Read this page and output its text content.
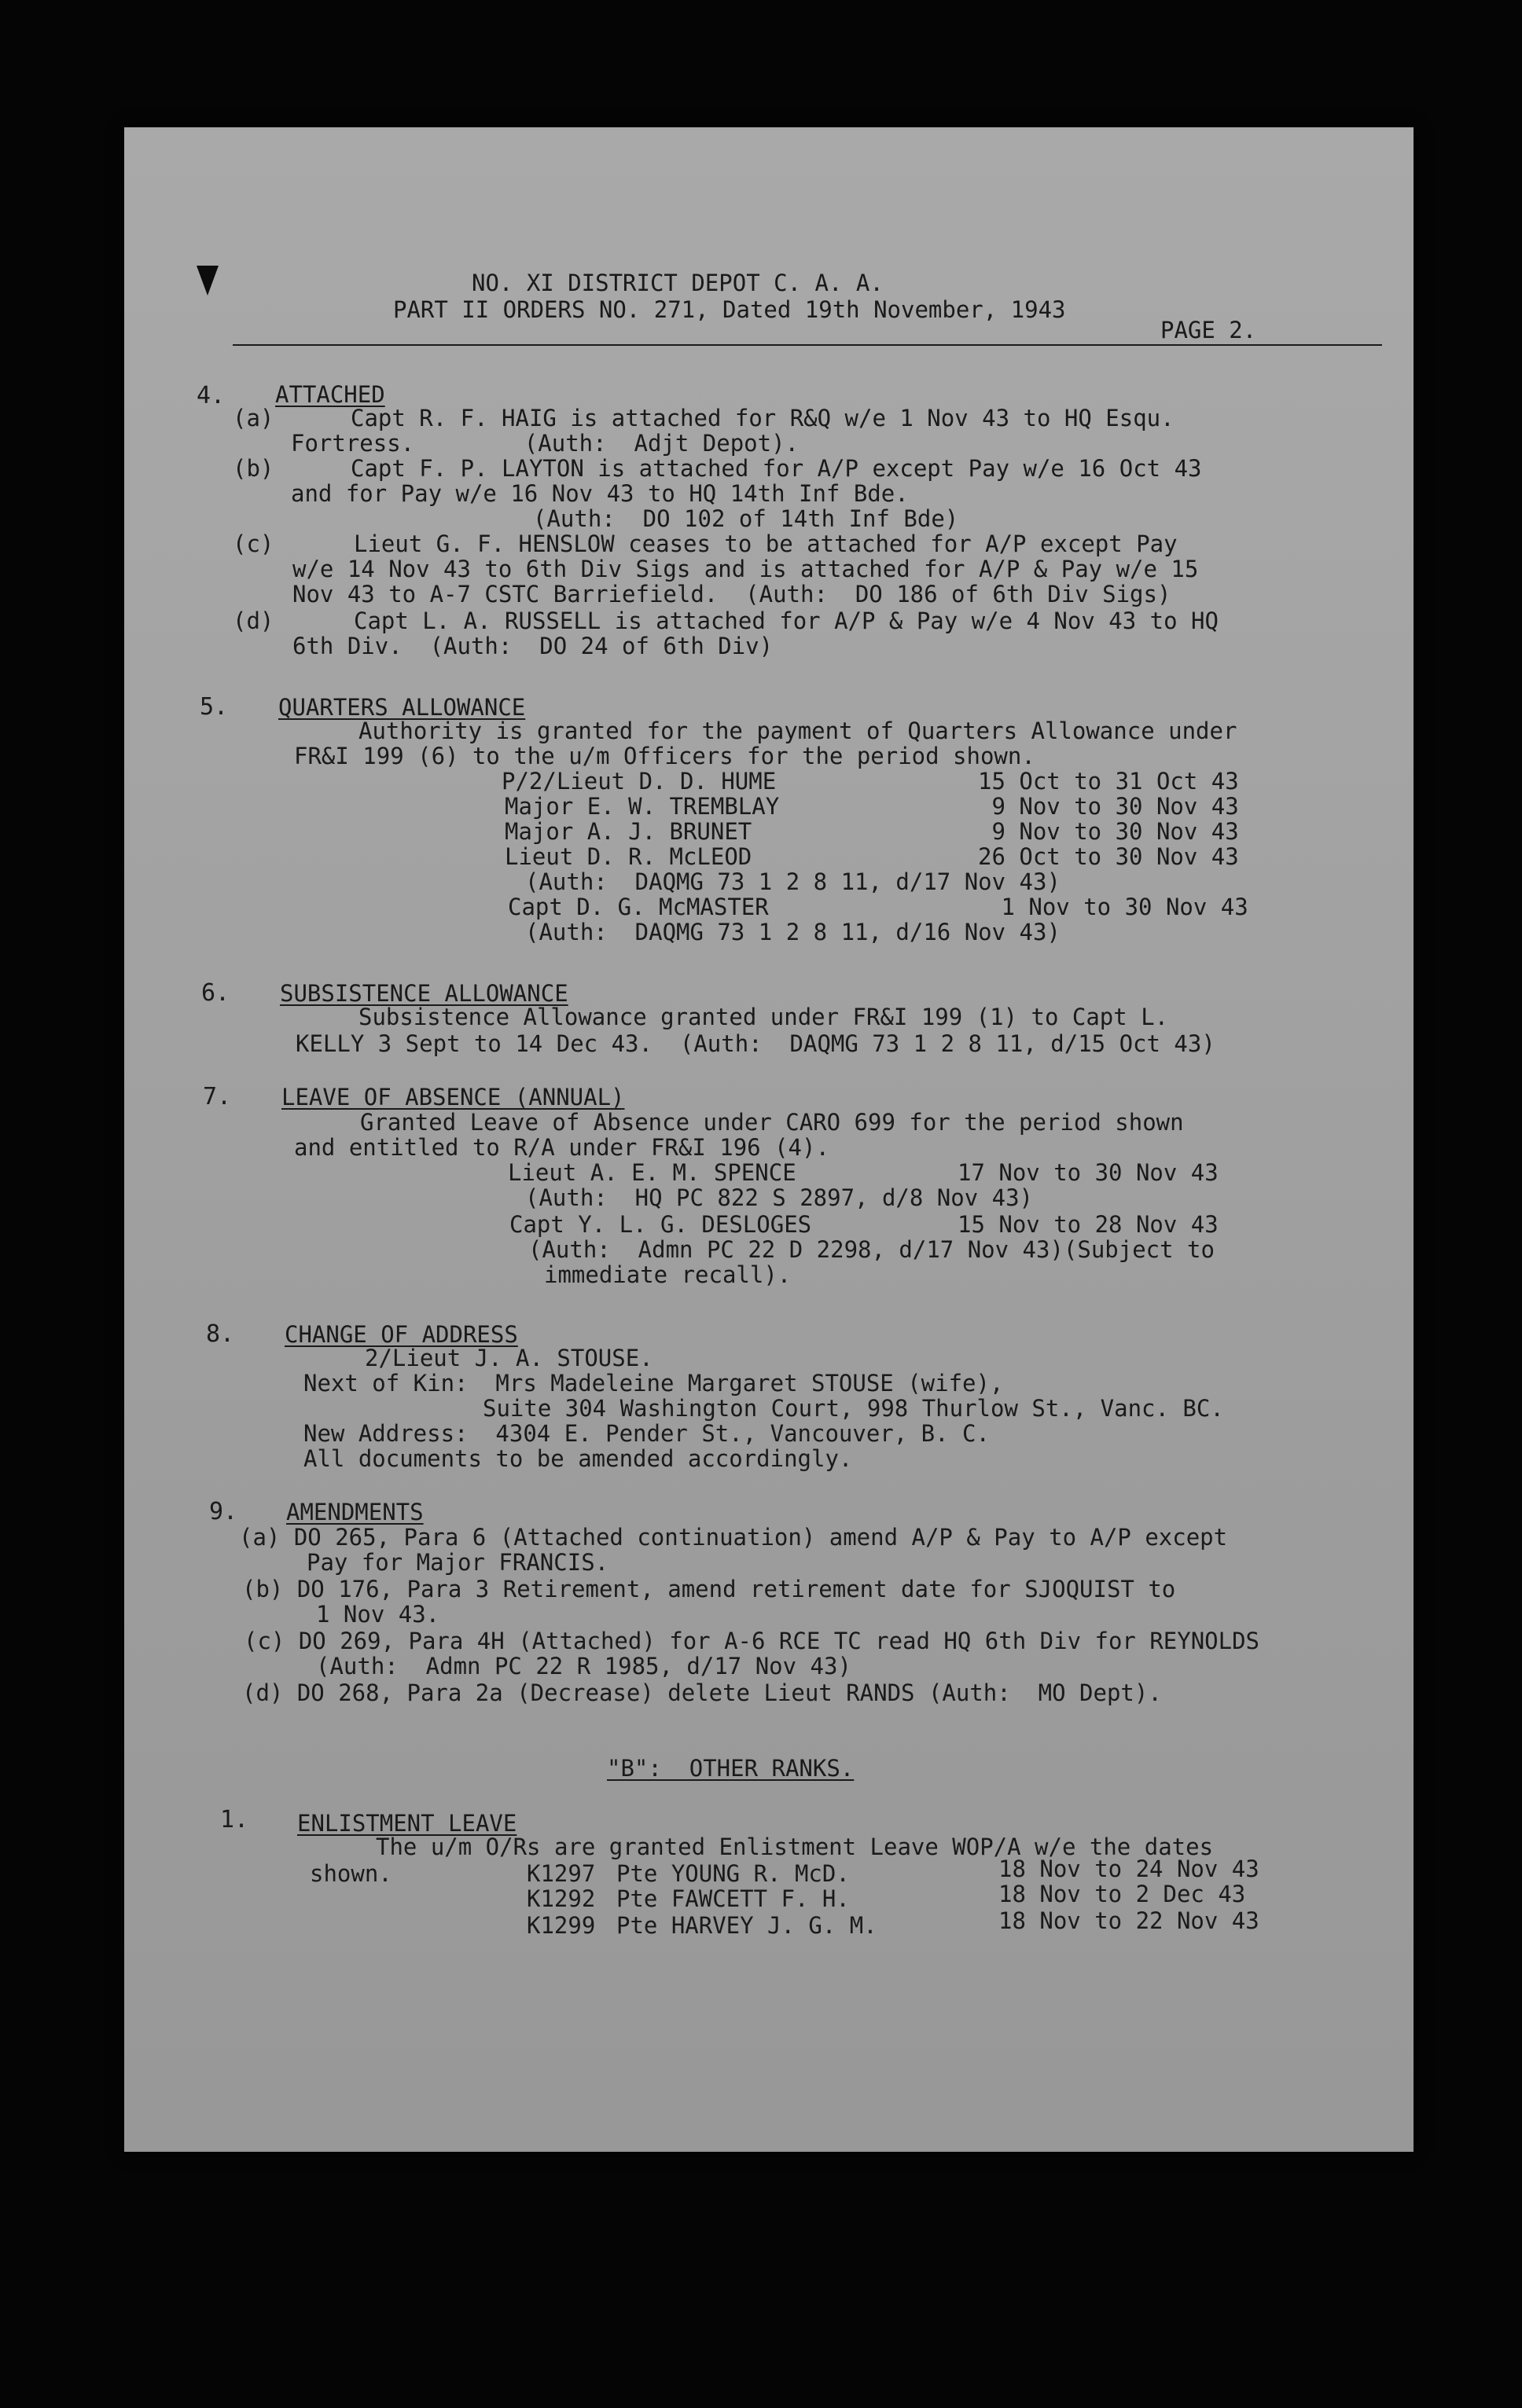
NO. XI DISTRICT DEPOT C. A. A.
PART II ORDERS NO. 271, Dated 19th November, 1943
PAGE 2.
4. ATTACHED
(a)	Capt R. F. HAIG is attached for R&Q w/e 1 Nov 43 to HQ Esqu.
Fortress.        (Auth:  Adjt Depot).
(b)	Capt F. P. LAYTON is attached for A/P except Pay w/e 16 Oct 43
and for Pay w/e 16 Nov 43 to HQ 14th Inf Bde.
(Auth:  DO 102 of 14th Inf Bde)
(c)	Lieut G. F. HENSLOW ceases to be attached for A/P except Pay
w/e 14 Nov 43 to 6th Div Sigs and is attached for A/P & Pay w/e 15
Nov 43 to A-7 CSTC Barriefield.  (Auth:  DO 186 of 6th Div Sigs)
(d)	Capt L. A. RUSSELL is attached for A/P & Pay w/e 4 Nov 43 to HQ
6th Div.  (Auth:  DO 24 of 6th Div)
5. QUARTERS ALLOWANCE
Authority is granted for the payment of Quarters Allowance under
FR&I 199 (6) to the u/m Officers for the period shown.
P/2/Lieut D. D. HUME	15 Oct to 31 Oct 43
Major E. W. TREMBLAY	9 Nov to 30 Nov 43
Major A. J. BRUNET	9 Nov to 30 Nov 43
Lieut D. R. McLEOD	26 Oct to 30 Nov 43
(Auth:  DAQMG 73 1 2 8 11, d/17 Nov 43)
Capt D. G. McMASTER	1 Nov to 30 Nov 43
(Auth:  DAQMG 73 1 2 8 11, d/16 Nov 43)
6. SUBSISTENCE ALLOWANCE
Subsistence Allowance granted under FR&I 199 (1) to Capt L.
KELLY 3 Sept to 14 Dec 43.  (Auth:  DAQMG 73 1 2 8 11, d/15 Oct 43)
7. LEAVE OF ABSENCE (ANNUAL)
Granted Leave of Absence under CARO 699 for the period shown
and entitled to R/A under FR&I 196 (4).
Lieut A. E. M. SPENCE	17 Nov to 30 Nov 43
(Auth:  HQ PC 822 S 2897, d/8 Nov 43)
Capt Y. L. G. DESLOGES	15 Nov to 28 Nov 43
(Auth:  Admn PC 22 D 2298, d/17 Nov 43)(Subject to
immediate recall).
8. CHANGE OF ADDRESS
2/Lieut J. A. STOUSE.
Next of Kin:  Mrs Madeleine Margaret STOUSE (wife),
Suite 304 Washington Court, 998 Thurlow St., Vanc. BC.
New Address:  4304 E. Pender St., Vancouver, B. C.
All documents to be amended accordingly.
9. AMENDMENTS
(a) DO 265, Para 6 (Attached continuation) amend A/P & Pay to A/P except
Pay for Major FRANCIS.
(b) DO 176, Para 3 Retirement, amend retirement date for SJOQUIST to
1 Nov 43.
(c) DO 269, Para 4H (Attached) for A-6 RCE TC read HQ 6th Div for REYNOLDS
(Auth:  Admn PC 22 R 1985, d/17 Nov 43)
(d) DO 268, Para 2a (Decrease) delete Lieut RANDS (Auth:  MO Dept).
"B":  OTHER RANKS.
1. ENLISTMENT LEAVE
The u/m O/Rs are granted Enlistment Leave WOP/A w/e the dates
shown.	K1297 Pte YOUNG R. McD.	18 Nov to 24 Nov 43
K1292 Pte FAWCETT F. H.	18 Nov to 2 Dec 43
K1299 Pte HARVEY J. G. M.	18 Nov to 22 Nov 43
